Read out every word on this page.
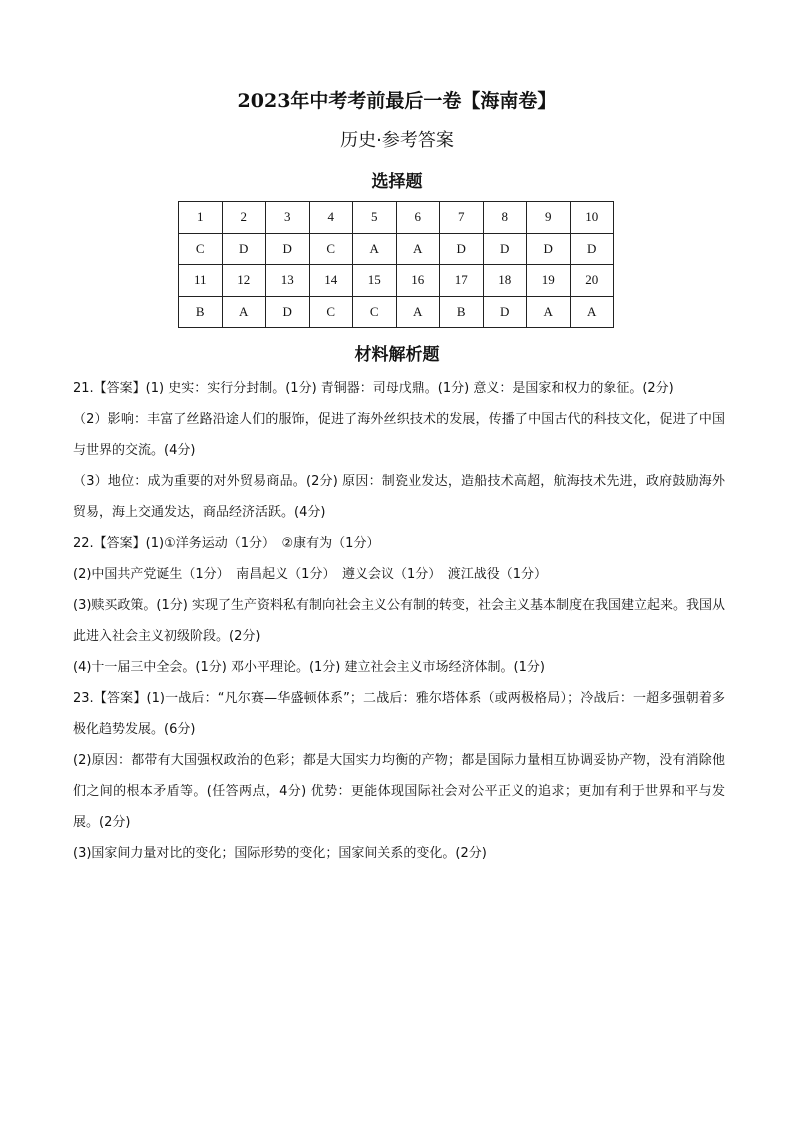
2023年中考考前最后一卷【海南卷】
历史·参考答案
选择题
1	2	3	4	5	6	7	8	9	10
C	D	D	C	A	A	D	D	D	D
11	12	13	14	15	16	17	18	19	20
B	A	D	C	C	A	B	D	A	A
材料解析题

21.【答案】(1) 史实：实行分封制。(1分) 青铜器：司母戊鼎。(1分) 意义：是国家和权力的象征。(2分)

（2）影响：丰富了丝路沿途人们的服饰，促进了海外丝织技术的发展，传播了中国古代的科技文化，促进了中国与世界的交流。(4分)

（3）地位：成为重要的对外贸易商品。(2分) 原因：制瓷业发达，造船技术高超，航海技术先进，政府鼓励海外贸易，海上交通发达，商品经济活跃。(4分)

22.【答案】(1)①洋务运动（1分）　②康有为（1分）

(2)中国共产党诞生（1分）　南昌起义（1分）　遵义会议（1分）　渡江战役（1分）

(3)赎买政策。(1分) 实现了生产资料私有制向社会主义公有制的转变，社会主义基本制度在我国建立起来。我国从此进入社会主义初级阶段。(2分)

(4)十一届三中全会。(1分) 邓小平理论。(1分) 建立社会主义市场经济体制。(1分)

23.【答案】(1)一战后：“凡尔赛—华盛顿体系”；二战后：雅尔塔体系（或两极格局）；冷战后：一超多强朝着多极化趋势发展。(6分)

(2)原因：都带有大国强权政治的色彩；都是大国实力均衡的产物；都是国际力量相互协调妥协产物，没有消除他们之间的根本矛盾等。(任答两点，4分) 优势：更能体现国际社会对公平正义的追求；更加有利于世界和平与发展。(2分)

(3)国家间力量对比的变化；国际形势的变化；国家间关系的变化。(2分)
